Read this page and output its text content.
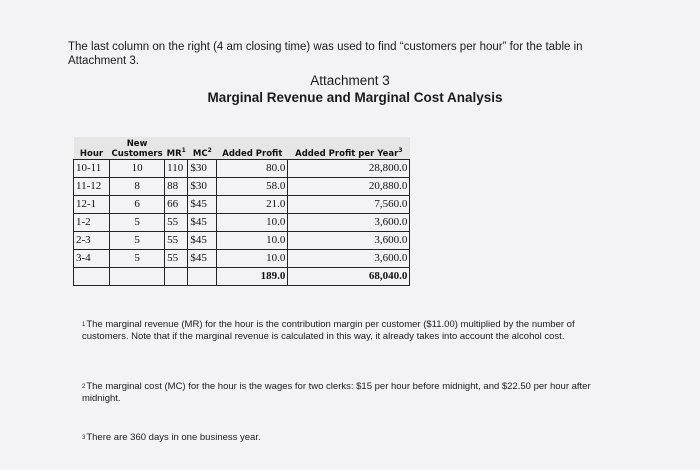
The last column on the right (4 am closing time) was used to find “customers per hour” for the table in Attachment 3.
Attachment 3
Marginal Revenue and Marginal Cost Analysis
	New				
Hour	Customers	$MR^1$	$MC^2$	Added Profit	Added Profit per Year$^3$
10-11	10	110	$30	80.0	28,800.0
11-12	8	88	$30	58.0	20,880.0
12-1	6	66	$45	21.0	7,560.0
1-2	5	55	$45	10.0	3,600.0
2-3	5	55	$45	10.0	3,600.0
3-4	5	55	$45	10.0	3,600.0
				189.0	68,040.0
$^1$The marginal revenue (MR) for the hour is the contribution margin per customer ($11.00) multiplied by the number of customers. Note that if the marginal revenue is calculated in this way, it already takes into account the alcohol cost.
$^2$The marginal cost (MC) for the hour is the wages for two clerks: $15 per hour before midnight, and $22.50 per hour after midnight.
$^3$There are 360 days in one business year.
